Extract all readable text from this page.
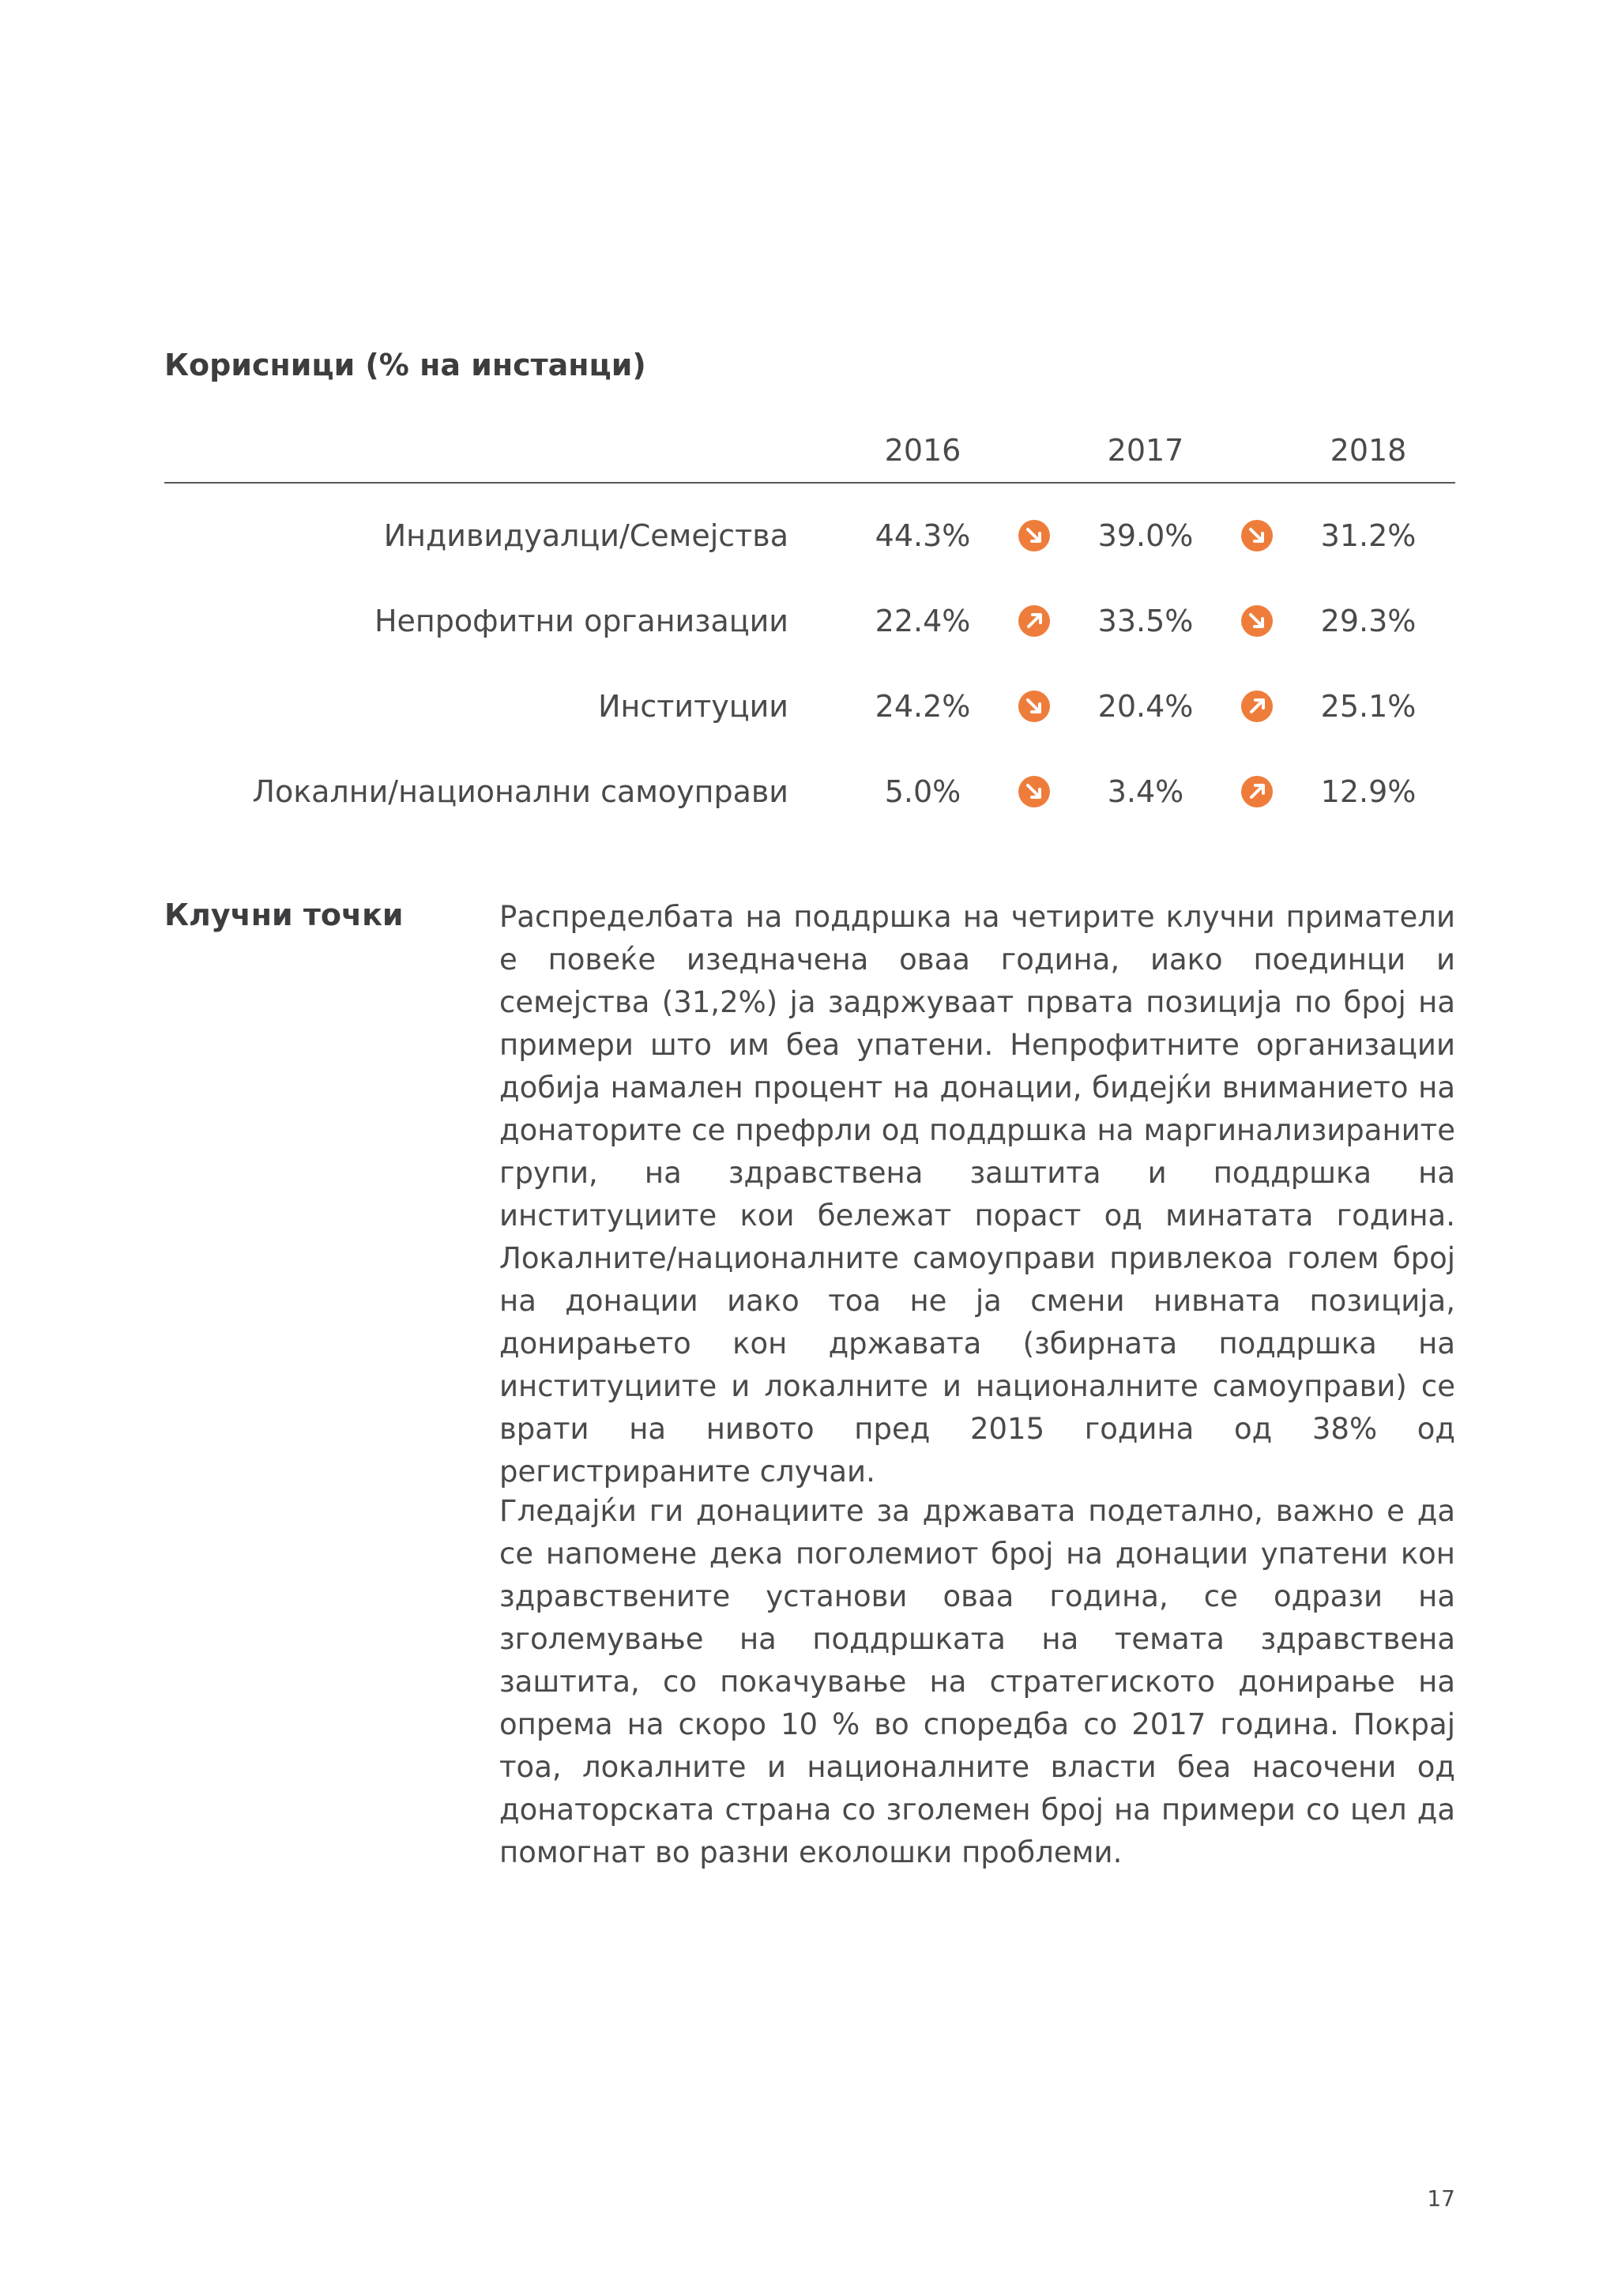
Корисници (% на инстанци)
2016	2017	2018
Индивидуалци/Семејства	44.3%	39.0%	31.2%
Непрофитни организации	22.4%	33.5%	29.3%
Институции	24.2%	20.4%	25.1%
Локални/национални самоуправи	5.0%	3.4%	12.9%
Клучни точки	Распределбата на поддршка на четирите клучни приматели е повеќе изедначена оваа година, иако поединци и семејства (31,2%) ја задржуваат првата позиција по број на примери што им беа упатени. Непрофитните организации добија намален процент на донации, бидејќи вниманието на донаторите се префрли од поддршка на маргинализираните групи, на здравствена заштита и поддршка на институциите кои бележат пораст од минатата година. Локалните/националните самоуправи привлекоа голем број на донации иако тоа не ја смени нивната позиција, донирањето кон државата (збирната поддршка на институциите и локалните и националните самоуправи) се врати на нивото пред 2015 година од 38% од регистрираните случаи.

Гледајќи ги донациите за државата подетално, важно е да се напомене дека поголемиот број на донации упатени кон здравствените установи оваа година, се одрази на зголемување на поддршката на темата здравствена заштита, со покачување на стратегиското донирање на опрема на скоро 10 % во споредба со 2017 година. Покрај тоа, локалните и националните власти беа насочени од донаторската страна со зголемен број на примери со цел да помогнат во разни еколошки проблеми.

17
